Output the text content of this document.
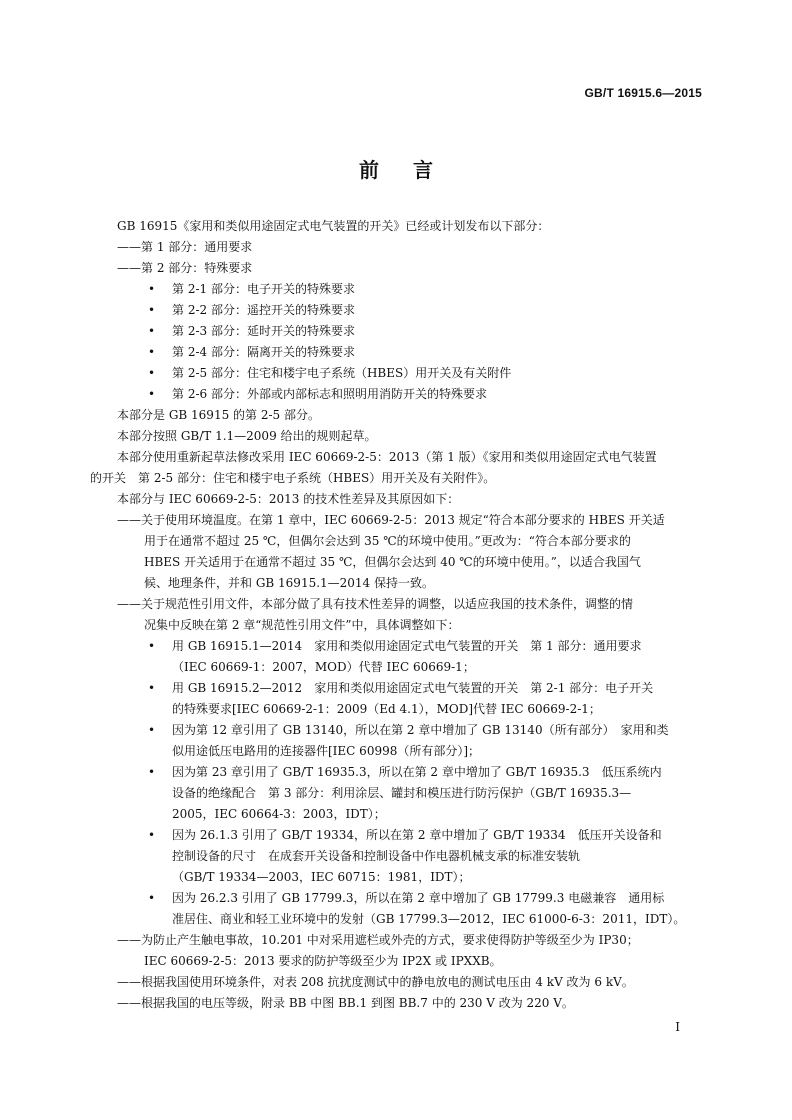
GB/T 16915.6—2015
前言
GB 16915《家用和类似用途固定式电气装置的开关》已经或计划发布以下部分：
——第 1 部分：通用要求
——第 2 部分：特殊要求
• 第 2-1 部分：电子开关的特殊要求
• 第 2-2 部分：遥控开关的特殊要求
• 第 2-3 部分：延时开关的特殊要求
• 第 2-4 部分：隔离开关的特殊要求
• 第 2-5 部分：住宅和楼宇电子系统（HBES）用开关及有关附件
• 第 2-6 部分：外部或内部标志和照明用消防开关的特殊要求
本部分是 GB 16915 的第 2-5 部分。
本部分按照 GB/T 1.1—2009 给出的规则起草。
本部分使用重新起草法修改采用 IEC 60669-2-5：2013（第 1 版）《家用和类似用途固定式电气装置
的开关　第 2-5 部分：住宅和楼宇电子系统（HBES）用开关及有关附件》。
本部分与 IEC 60669-2-5：2013 的技术性差异及其原因如下：
——关于使用环境温度。在第 1 章中，IEC 60669-2-5：2013 规定“符合本部分要求的 HBES 开关适
用于在通常不超过 25 ℃，但偶尔会达到 35 ℃的环境中使用。”更改为：“符合本部分要求的
HBES 开关适用于在通常不超过 35 ℃，但偶尔会达到 40 ℃的环境中使用。”，以适合我国气
候、地理条件，并和 GB 16915.1—2014 保持一致。
——关于规范性引用文件，本部分做了具有技术性差异的调整，以适应我国的技术条件，调整的情
况集中反映在第 2 章“规范性引用文件”中，具体调整如下：
• 用 GB 16915.1—2014　家用和类似用途固定式电气装置的开关　第 1 部分：通用要求
（IEC 60669-1：2007，MOD）代替 IEC 60669-1；
• 用 GB 16915.2—2012　家用和类似用途固定式电气装置的开关　第 2-1 部分：电子开关
的特殊要求[IEC 60669-2-1：2009（Ed 4.1），MOD]代替 IEC 60669-2-1；
• 因为第 12 章引用了 GB 13140，所以在第 2 章中增加了 GB 13140（所有部分）　家用和类
似用途低压电路用的连接器件[IEC 60998（所有部分）]；
• 因为第 23 章引用了 GB/T 16935.3，所以在第 2 章中增加了 GB/T 16935.3　低压系统内
设备的绝缘配合　第 3 部分：利用涂层、罐封和模压进行防污保护（GB/T 16935.3—
2005，IEC 60664-3：2003，IDT）；
• 因为 26.1.3 引用了 GB/T 19334，所以在第 2 章中增加了 GB/T 19334　低压开关设备和
控制设备的尺寸　在成套开关设备和控制设备中作电器机械支承的标准安装轨
（GB/T 19334—2003，IEC 60715：1981，IDT）；
• 因为 26.2.3 引用了 GB 17799.3，所以在第 2 章中增加了 GB 17799.3 电磁兼容　通用标
准居住、商业和轻工业环境中的发射（GB 17799.3—2012，IEC 61000-6-3：2011，IDT）。
——为防止产生触电事故，10.201 中对采用遮栏或外壳的方式，要求使得防护等级至少为 IP30；
IEC 60669-2-5：2013 要求的防护等级至少为 IP2X 或 IPXXB。
——根据我国使用环境条件，对表 208 抗扰度测试中的静电放电的测试电压由 4 kV 改为 6 kV。
——根据我国的电压等级，附录 BB 中图 BB.1 到图 BB.7 中的 230 V 改为 220 V。
I
